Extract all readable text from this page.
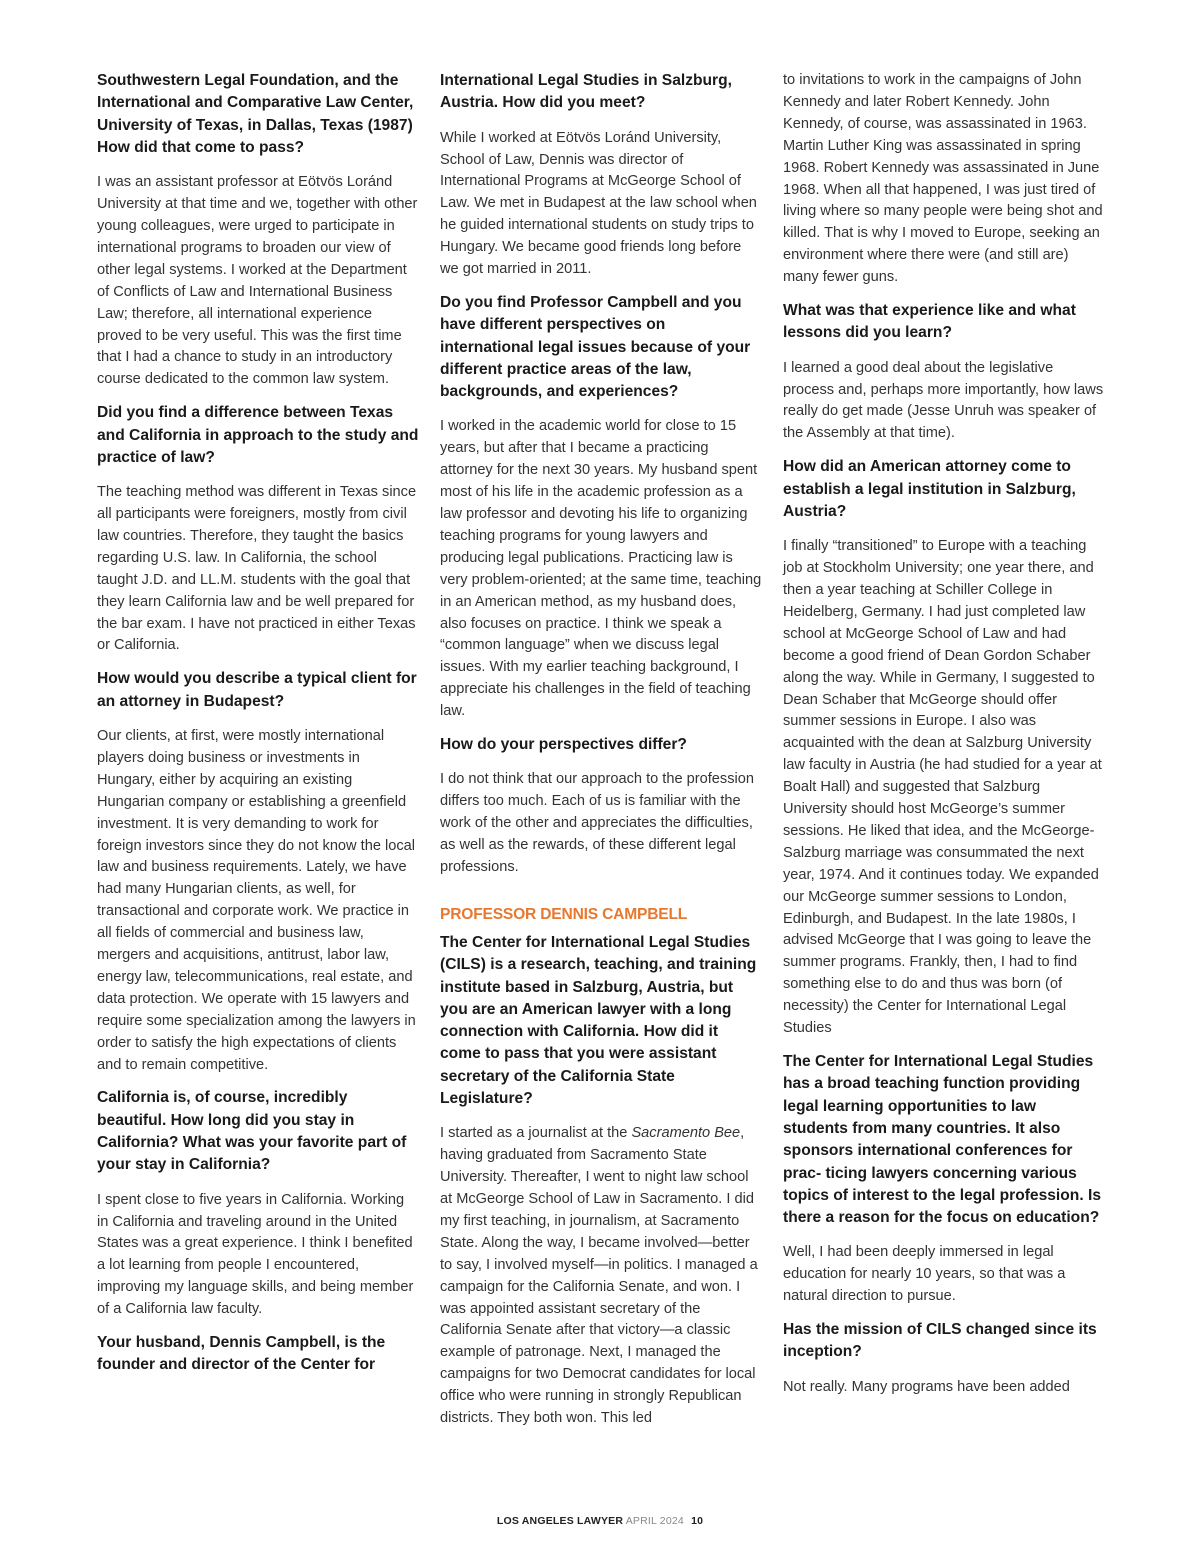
Southwestern Legal Foundation, and the International and Comparative Law Center, University of Texas, in Dallas, Texas (1987) How did that come to pass?

I was an assistant professor at Eötvös Loránd University at that time and we, together with other young colleagues, were urged to participate in international programs to broaden our view of other legal systems. I worked at the Department of Conflicts of Law and International Business Law; therefore, all international experience proved to be very useful. This was the first time that I had a chance to study in an introductory course dedicated to the common law system.

Did you find a difference between Texas and California in approach to the study and practice of law?

The teaching method was different in Texas since all participants were foreigners, mostly from civil law countries. Therefore, they taught the basics regarding U.S. law. In California, the school taught J.D. and LL.M. students with the goal that they learn California law and be well prepared for the bar exam. I have not practiced in either Texas or California.

How would you describe a typical client for an attorney in Budapest?

Our clients, at first, were mostly international players doing business or investments in Hungary, either by acquiring an existing Hungarian company or establishing a greenfield investment. It is very demanding to work for foreign investors since they do not know the local law and business requirements. Lately, we have had many Hungarian clients, as well, for transactional and corporate work. We practice in all fields of commercial and business law, mergers and acquisitions, antitrust, labor law, energy law, telecommunications, real estate, and data protection. We operate with 15 lawyers and require some specialization among the lawyers in order to satisfy the high expectations of clients and to remain competitive.

California is, of course, incredibly beautiful. How long did you stay in California? What was your favorite part of your stay in California?

I spent close to five years in California. Working in California and traveling around in the United States was a great experience. I think I benefited a lot learning from people I encountered, improving my language skills, and being member of a California law faculty.

Your husband, Dennis Campbell, is the founder and director of the Center for

International Legal Studies in Salzburg, Austria. How did you meet?

While I worked at Eötvös Loránd University, School of Law, Dennis was director of International Programs at McGeorge School of Law. We met in Budapest at the law school when he guided international students on study trips to Hungary. We became good friends long before we got married in 2011.

Do you find Professor Campbell and you have different perspectives on international legal issues because of your different practice areas of the law, backgrounds, and experiences?

I worked in the academic world for close to 15 years, but after that I became a practicing attorney for the next 30 years. My husband spent most of his life in the academic profession as a law professor and devoting his life to organizing teaching programs for young lawyers and producing legal publications. Practicing law is very problem-oriented; at the same time, teaching in an American method, as my husband does, also focuses on practice. I think we speak a “common language” when we discuss legal issues. With my earlier teaching background, I appreciate his challenges in the field of teaching law.

How do your perspectives differ?

I do not think that our approach to the profession differs too much. Each of us is familiar with the work of the other and appreciates the difficulties, as well as the rewards, of these different legal professions.

PROFESSOR DENNIS CAMPBELL

The Center for International Legal Studies (CILS) is a research, teaching, and training institute based in Salzburg, Austria, but you are an American lawyer with a long connection with California. How did it come to pass that you were assistant secretary of the California State Legislature?

I started as a journalist at the Sacramento Bee, having graduated from Sacramento State University. Thereafter, I went to night law school at McGeorge School of Law in Sacramento. I did my first teaching, in journalism, at Sacramento State. Along the way, I became involved—better to say, I involved myself—in politics. I managed a campaign for the California Senate, and won. I was appointed assistant secretary of the California Senate after that victory—a classic example of patronage. Next, I managed the campaigns for two Democrat candidates for local office who were running in strongly Republican districts. They both won. This led

to invitations to work in the campaigns of John Kennedy and later Robert Kennedy. John Kennedy, of course, was assassinated in 1963. Martin Luther King was assassinated in spring 1968. Robert Kennedy was assassinated in June 1968. When all that happened, I was just tired of living where so many people were being shot and killed. That is why I moved to Europe, seeking an environment where there were (and still are) many fewer guns.

What was that experience like and what lessons did you learn?

I learned a good deal about the legislative process and, perhaps more importantly, how laws really do get made (Jesse Unruh was speaker of the Assembly at that time).

How did an American attorney come to establish a legal institution in Salzburg, Austria?

I finally “transitioned” to Europe with a teaching job at Stockholm University; one year there, and then a year teaching at Schiller College in Heidelberg, Germany. I had just completed law school at McGeorge School of Law and had become a good friend of Dean Gordon Schaber along the way. While in Germany, I suggested to Dean Schaber that McGeorge should offer summer sessions in Europe. I also was acquainted with the dean at Salzburg University law faculty in Austria (he had studied for a year at Boalt Hall) and suggested that Salzburg University should host McGeorge’s summer sessions. He liked that idea, and the McGeorge-Salzburg marriage was consummated the next year, 1974. And it continues today. We expanded our McGeorge summer sessions to London, Edinburgh, and Budapest. In the late 1980s, I advised McGeorge that I was going to leave the summer programs. Frankly, then, I had to find something else to do and thus was born (of necessity) the Center for International Legal Studies

The Center for International Legal Studies has a broad teaching function providing legal learning opportunities to law students from many countries. It also sponsors international conferences for prac- ticing lawyers concerning various topics of interest to the legal profession. Is there a reason for the focus on education?

Well, I had been deeply immersed in legal education for nearly 10 years, so that was a natural direction to pursue.

Has the mission of CILS changed since its inception?

Not really. Many programs have been added

LOS ANGELES LAWYER APRIL 2024 10
